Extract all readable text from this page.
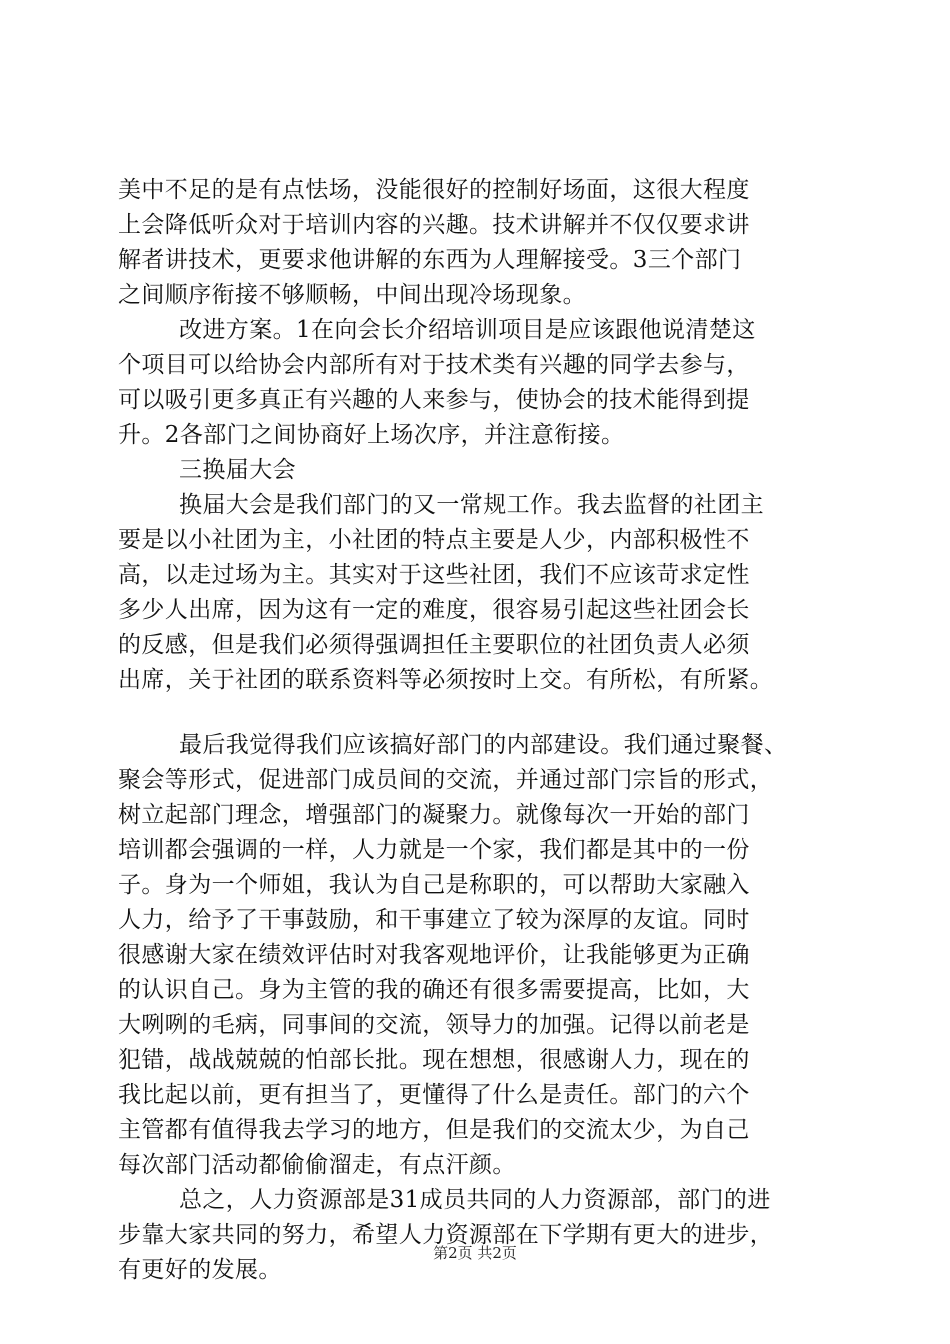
美中不足的是有点怯场，没能很好的控制好场面，这很大程度
上会降低听众对于培训内容的兴趣。技术讲解并不仅仅要求讲
解者讲技术，更要求他讲解的东西为人理解接受。3三个部门
之间顺序衔接不够顺畅，中间出现冷场现象。
改进方案。1在向会长介绍培训项目是应该跟他说清楚这
个项目可以给协会内部所有对于技术类有兴趣的同学去参与，
可以吸引更多真正有兴趣的人来参与，使协会的技术能得到提
升。2各部门之间协商好上场次序，并注意衔接。
三换届大会
换届大会是我们部门的又一常规工作。我去监督的社团主
要是以小社团为主，小社团的特点主要是人少，内部积极性不
高，以走过场为主。其实对于这些社团，我们不应该苛求定性
多少人出席，因为这有一定的难度，很容易引起这些社团会长
的反感，但是我们必须得强调担任主要职位的社团负责人必须
出席，关于社团的联系资料等必须按时上交。有所松，有所紧。
最后我觉得我们应该搞好部门的内部建设。我们通过聚餐、
聚会等形式，促进部门成员间的交流，并通过部门宗旨的形式，
树立起部门理念，增强部门的凝聚力。就像每次一开始的部门
培训都会强调的一样，人力就是一个家，我们都是其中的一份
子。身为一个师姐，我认为自己是称职的，可以帮助大家融入
人力，给予了干事鼓励，和干事建立了较为深厚的友谊。同时
很感谢大家在绩效评估时对我客观地评价，让我能够更为正确
的认识自己。身为主管的我的确还有很多需要提高，比如，大
大咧咧的毛病，同事间的交流，领导力的加强。记得以前老是
犯错，战战兢兢的怕部长批。现在想想，很感谢人力，现在的
我比起以前，更有担当了，更懂得了什么是责任。部门的六个
主管都有值得我去学习的地方，但是我们的交流太少，为自己
每次部门活动都偷偷溜走，有点汗颜。
总之，人力资源部是31成员共同的人力资源部，部门的进
步靠大家共同的努力，希望人力资源部在下学期有更大的进步，
有更好的发展。
第2页 共2页
